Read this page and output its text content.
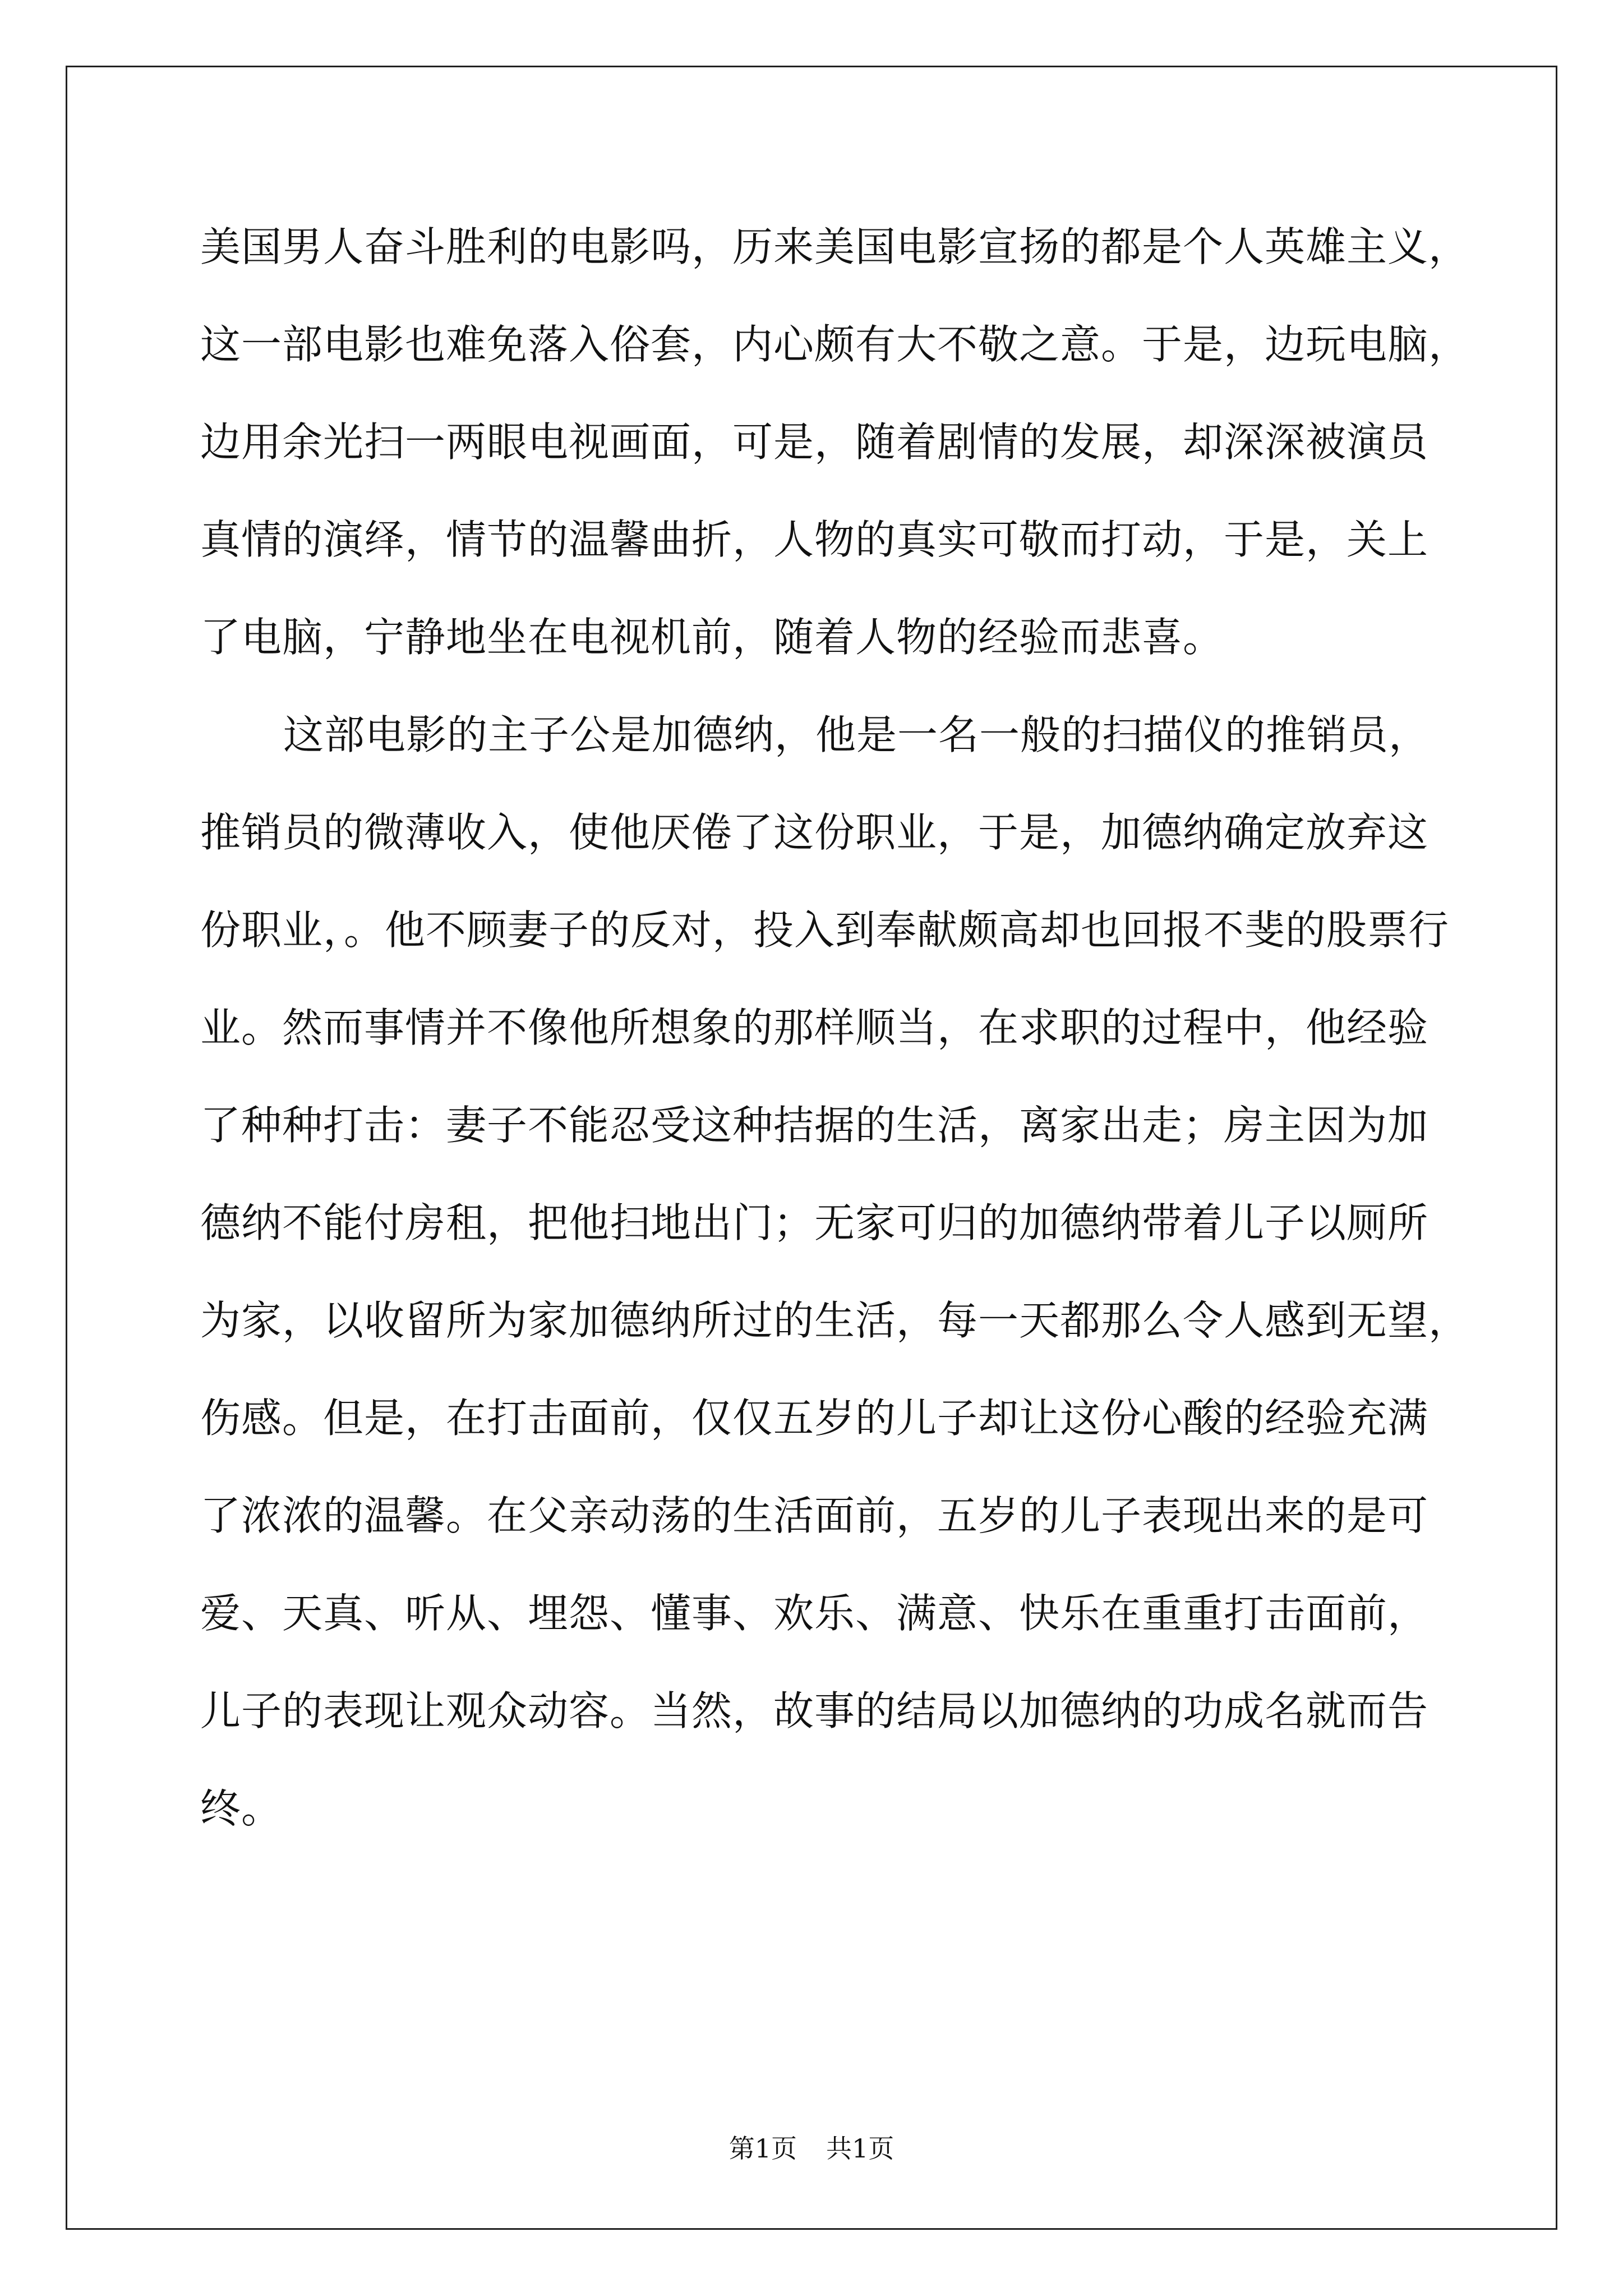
美国男人奋斗胜利的电影吗，历来美国电影宣扬的都是个人英雄主义，
这一部电影也难免落入俗套，内心颇有大不敬之意。于是，边玩电脑，
边用余光扫一两眼电视画面，可是，随着剧情的发展，却深深被演员
真情的演绎，情节的温馨曲折，人物的真实可敬而打动，于是，关上
了电脑，宁静地坐在电视机前，随着人物的经验而悲喜。
这部电影的主子公是加德纳，他是一名一般的扫描仪的推销员，
推销员的微薄收入，使他厌倦了这份职业，于是，加德纳确定放弃这
份职业，。他不顾妻子的反对，投入到奉献颇高却也回报不斐的股票行
业。然而事情并不像他所想象的那样顺当，在求职的过程中，他经验
了种种打击：妻子不能忍受这种拮据的生活，离家出走；房主因为加
德纳不能付房租，把他扫地出门；无家可归的加德纳带着儿子以厕所
为家，以收留所为家加德纳所过的生活，每一天都那么令人感到无望，
伤感。但是，在打击面前，仅仅五岁的儿子却让这份心酸的经验充满
了浓浓的温馨。在父亲动荡的生活面前，五岁的儿子表现出来的是可
爱、天真、听从、埋怨、懂事、欢乐、满意、快乐在重重打击面前，
儿子的表现让观众动容。当然，故事的结局以加德纳的功成名就而告
终。
第1页 共1页
